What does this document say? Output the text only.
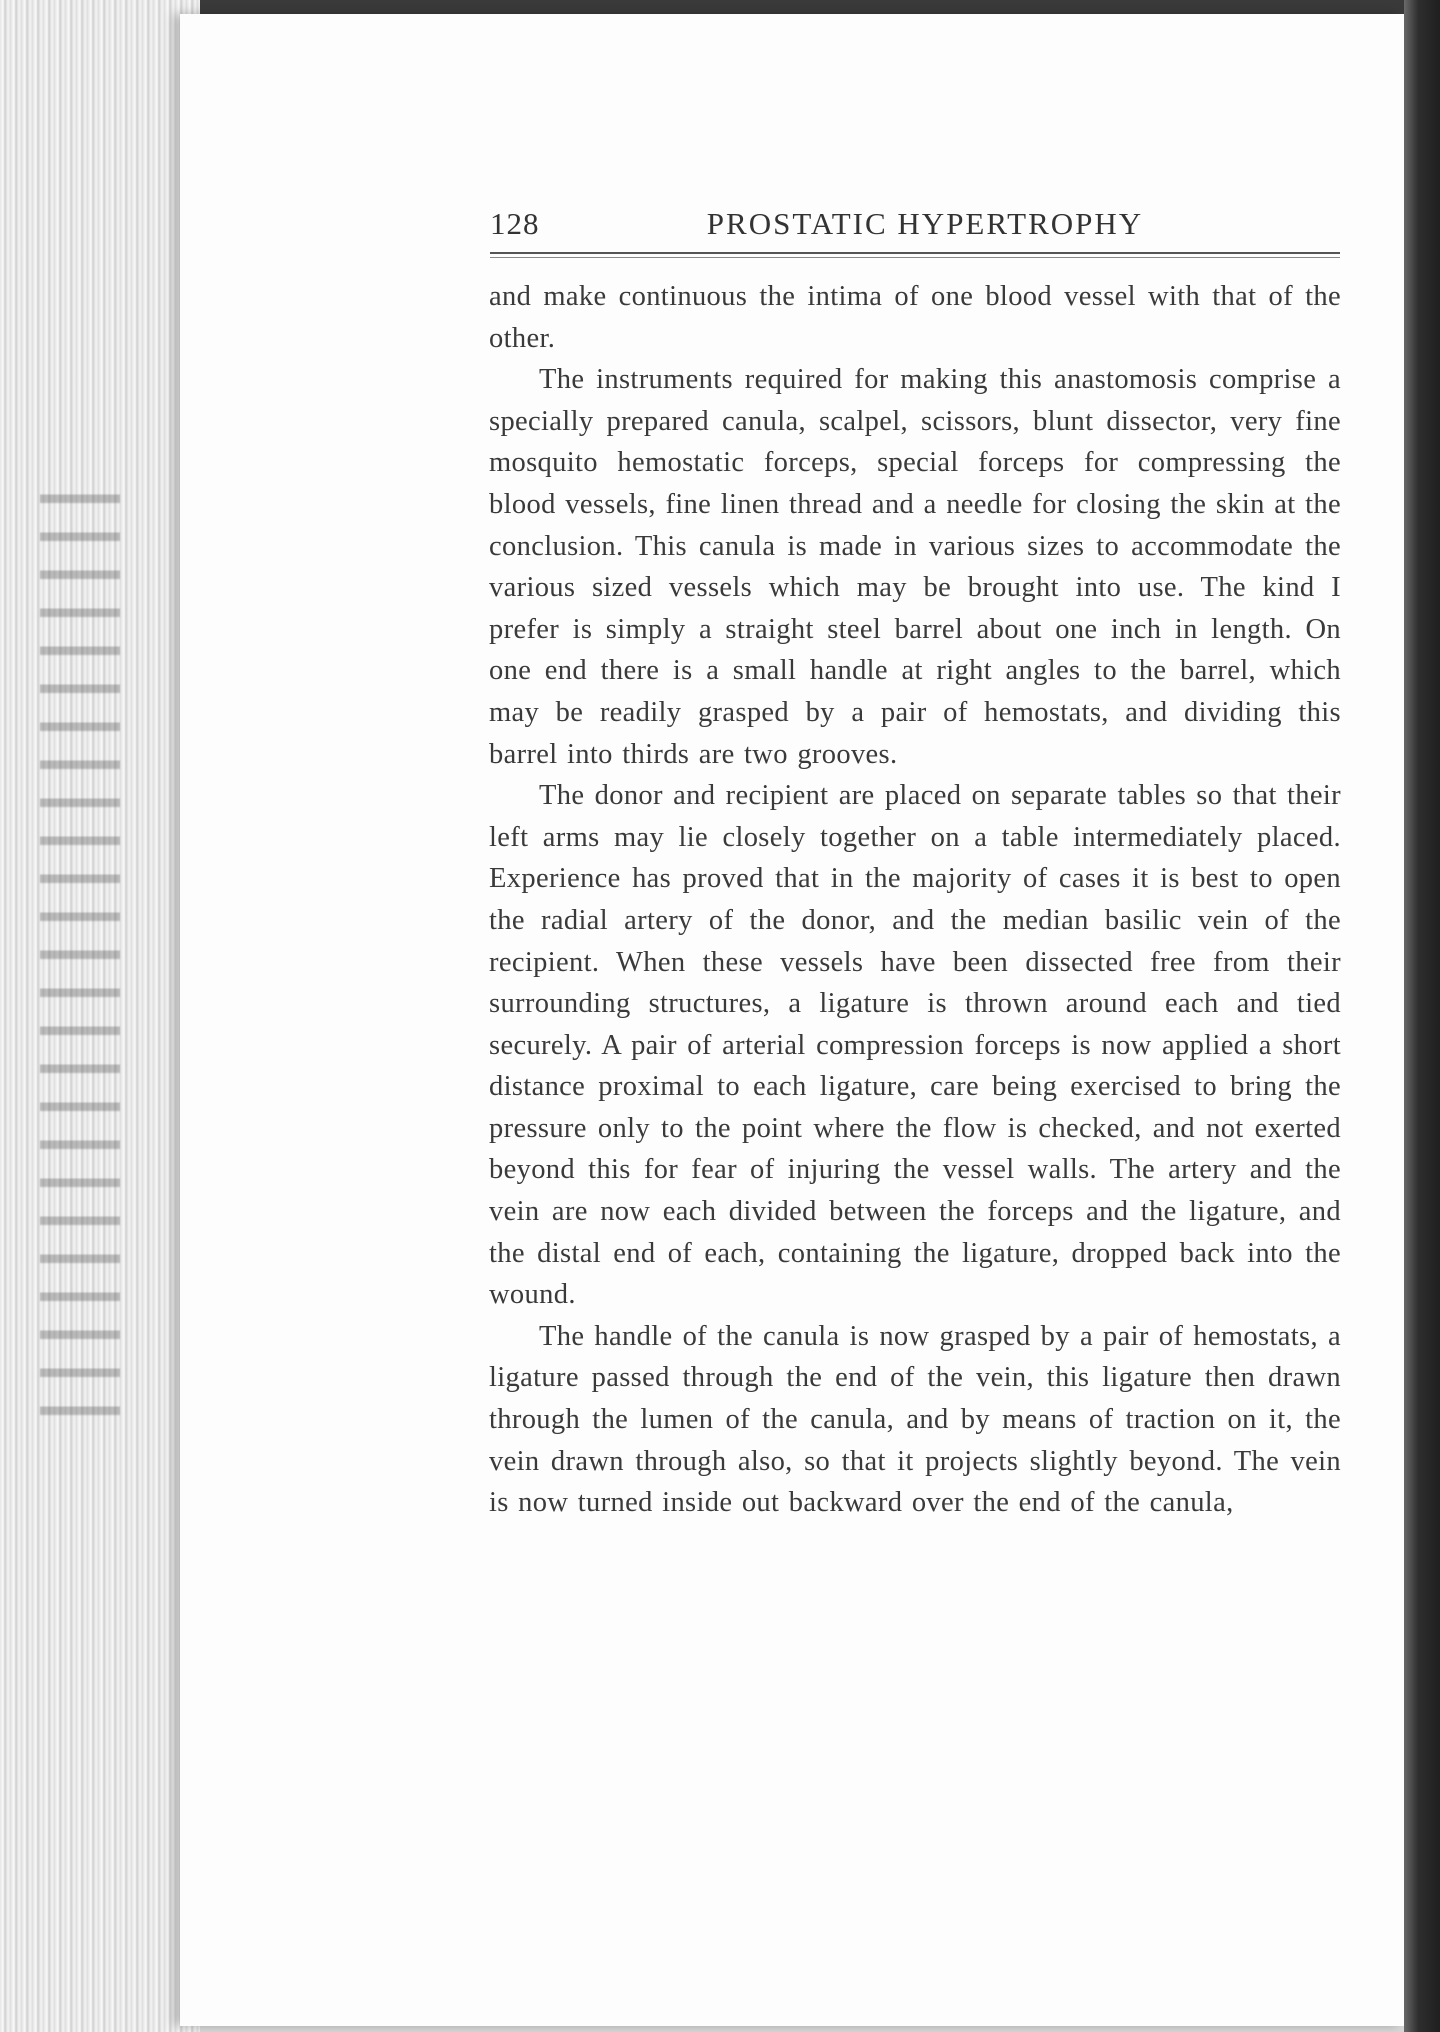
128	PROSTATIC HYPERTROPHY

and make continuous the intima of one blood vessel with that of the other.

The instruments required for making this anastomosis comprise a specially prepared canula, scalpel, scissors, blunt dissector, very fine mosquito hemostatic forceps, special forceps for compressing the blood vessels, fine linen thread and a needle for closing the skin at the conclusion. This canula is made in various sizes to accommodate the various sized vessels which may be brought into use. The kind I prefer is simply a straight steel barrel about one inch in length. On one end there is a small handle at right angles to the barrel, which may be readily grasped by a pair of hemostats, and dividing this barrel into thirds are two grooves.

The donor and recipient are placed on separate tables so that their left arms may lie closely together on a table intermediately placed. Experience has proved that in the majority of cases it is best to open the radial artery of the donor, and the median basilic vein of the recipient. When these vessels have been dissected free from their surrounding structures, a ligature is thrown around each and tied securely. A pair of arterial compression forceps is now applied a short distance proximal to each ligature, care being exercised to bring the pressure only to the point where the flow is checked, and not exerted beyond this for fear of injuring the vessel walls. The artery and the vein are now each divided between the forceps and the ligature, and the distal end of each, containing the ligature, dropped back into the wound.

The handle of the canula is now grasped by a pair of hemostats, a ligature passed through the end of the vein, this ligature then drawn through the lumen of the canula, and by means of traction on it, the vein drawn through also, so that it projects slightly beyond. The vein is now turned inside out backward over the end of the canula,
